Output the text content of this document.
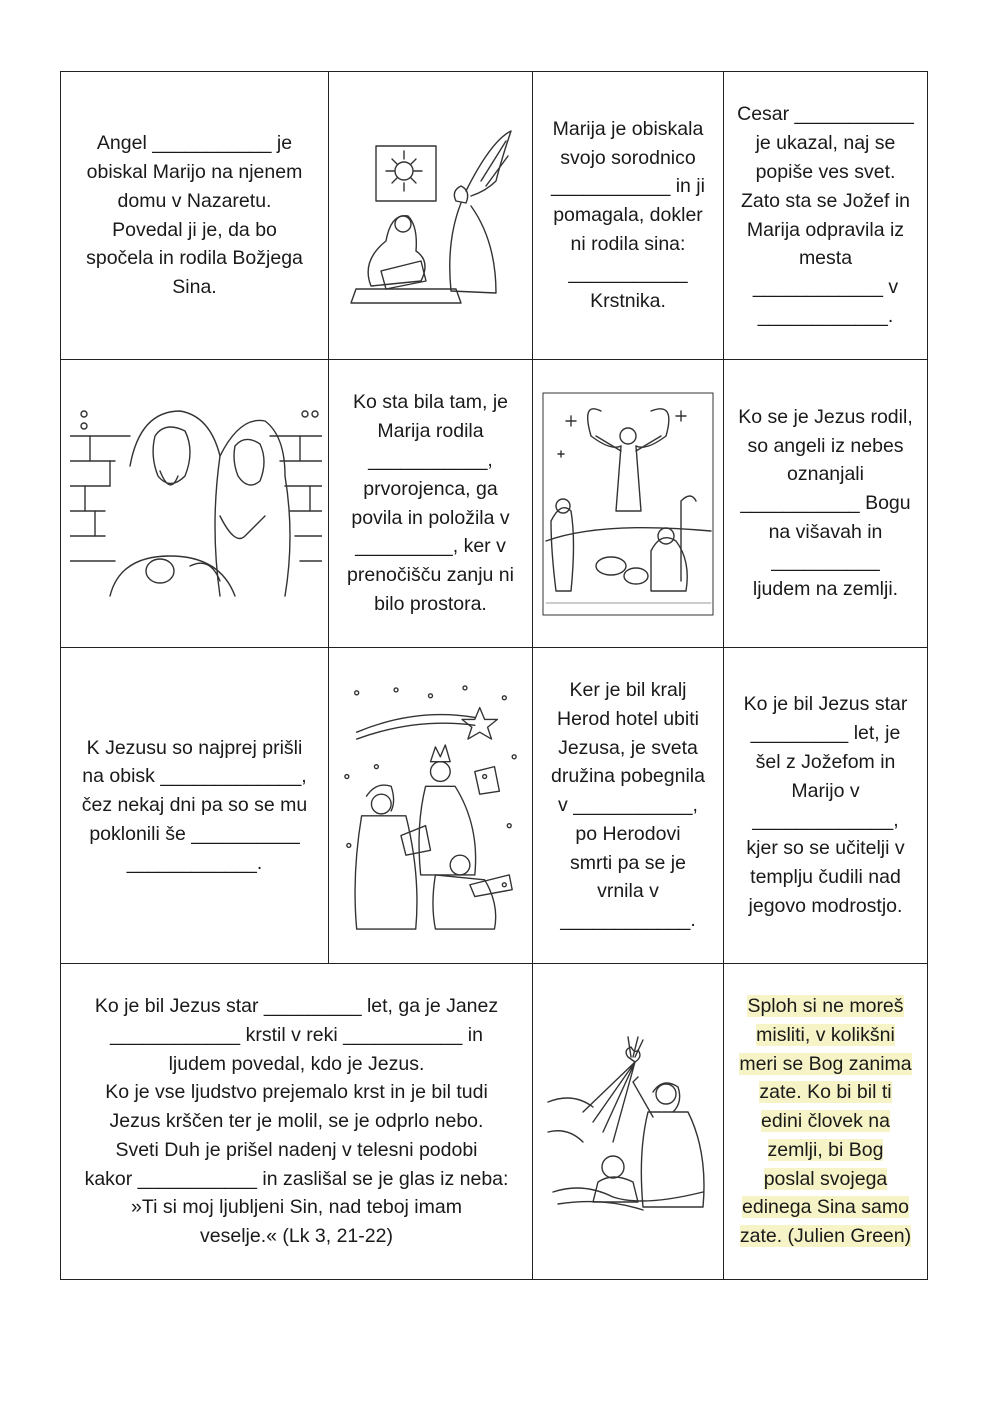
Angel ___________ je
obiskal Marijo na njenem
domu v Nazaretu.
Povedal ji je, da bo
spočela in rodila Božjega
Sina.
Marija je obiskala
svojo sorodnico
___________ in ji
pomagala, dokler
ni rodila sina:
___________
Krstnika.
Cesar ___________
je ukazal, naj se
popiše ves svet.
Zato sta se Jožef in
Marija odpravila iz
mesta
____________ v
____________.
Ko sta bila tam, je
Marija rodila
___________,
prvorojenca, ga
povila in položila v
_________, ker v
prenočišču zanju ni
bilo prostora.
Ko se je Jezus rodil,
so angeli iz nebes
oznanjali
___________ Bogu
na višavah in
__________
ljudem na zemlji.
K Jezusu so najprej prišli
na obisk _____________,
čez nekaj dni pa so se mu
poklonili še __________
____________.
Ker je bil kralj
Herod hotel ubiti
Jezusa, je sveta
družina pobegnila
v ___________,
po Herodovi
smrti pa se je
vrnila v
____________.
Ko je bil Jezus star
_________ let, je
šel z Jožefom in
Marijo v
_____________,
kjer so se učitelji v
templju čudili nad
jegovo modrostjo.
Ko je bil Jezus star _________ let, ga je Janez
____________ krstil v reki ___________ in
ljudem povedal, kdo je Jezus.
Ko je vse ljudstvo prejemalo krst in je bil tudi
Jezus krščen ter je molil, se je odprlo nebo.
Sveti Duh je prišel nadenj v telesni podobi
kakor ___________ in zaslišal se je glas iz neba:
»Ti si moj ljubljeni Sin, nad teboj imam
veselje.« (Lk 3, 21-22)
Sploh si ne moreš
misliti, v kolikšni
meri se Bog zanima
zate. Ko bi bil ti
edini človek na
zemlji, bi Bog
poslal svojega
edinega Sina samo
zate. (Julien Green)
